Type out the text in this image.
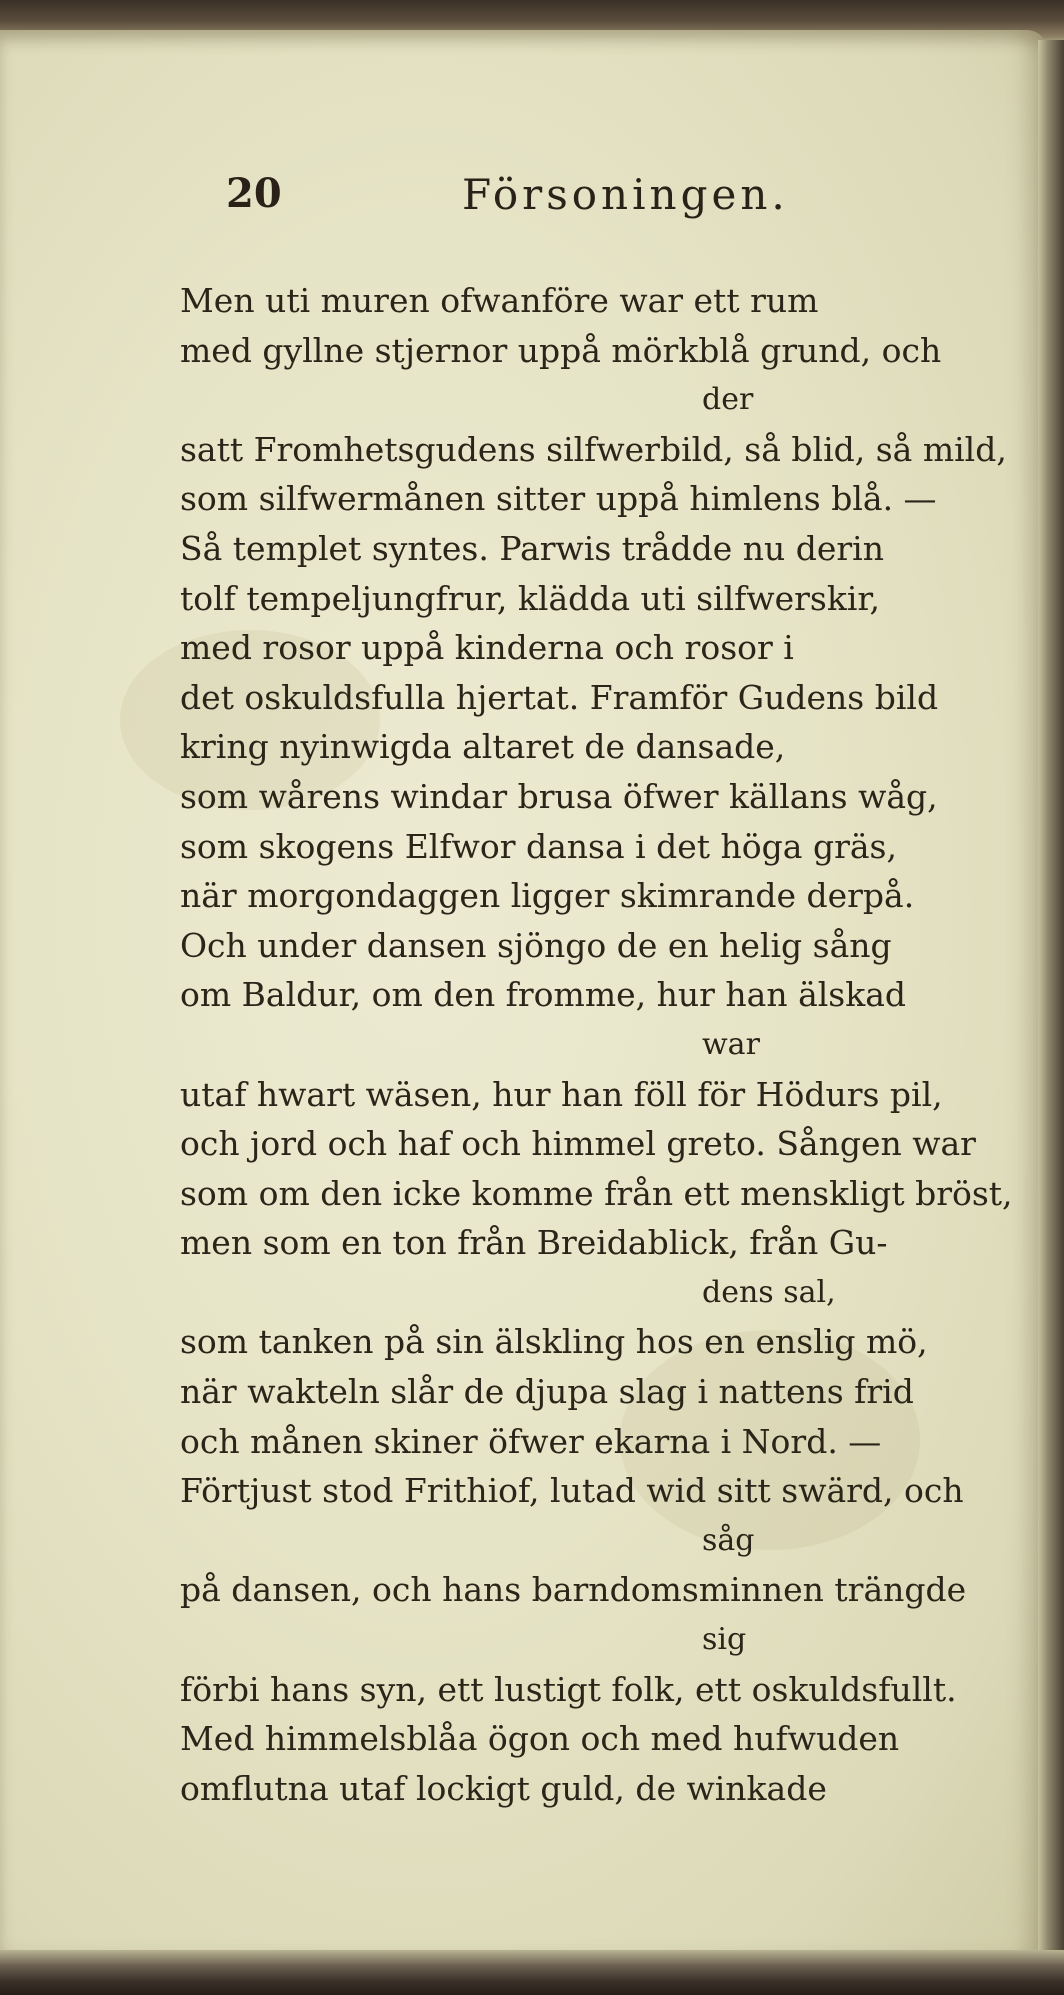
20	Försoningen.
Men uti muren ofwanföre war ett rum
med gyllne stjernor uppå mörkblå grund, och
der
satt Fromhetsgudens silfwerbild, så blid, så mild,
som silfwermånen sitter uppå himlens blå. —
Så templet syntes. Parwis trådde nu derin
tolf tempeljungfrur, klädda uti silfwerskir,
med rosor uppå kinderna och rosor i
det oskuldsfulla hjertat. Framför Gudens bild
kring nyinwigda altaret de dansade,
som wårens windar brusa öfwer källans wåg,
som skogens Elfwor dansa i det höga gräs,
när morgondaggen ligger skimrande derpå.
Och under dansen sjöngo de en helig sång
om Baldur, om den fromme, hur han älskad
war
utaf hwart wäsen, hur han föll för Hödurs pil,
och jord och haf och himmel greto. Sången war
som om den icke komme från ett menskligt bröst,
men som en ton från Breidablick, från Gu-
dens sal,
som tanken på sin älskling hos en enslig mö,
när wakteln slår de djupa slag i nattens frid
och månen skiner öfwer ekarna i Nord. —
Förtjust stod Frithiof, lutad wid sitt swärd, och
såg
på dansen, och hans barndomsminnen trängde
sig
förbi hans syn, ett lustigt folk, ett oskuldsfullt.
Med himmelsblåa ögon och med hufwuden
omflutna utaf lockigt guld, de winkade
